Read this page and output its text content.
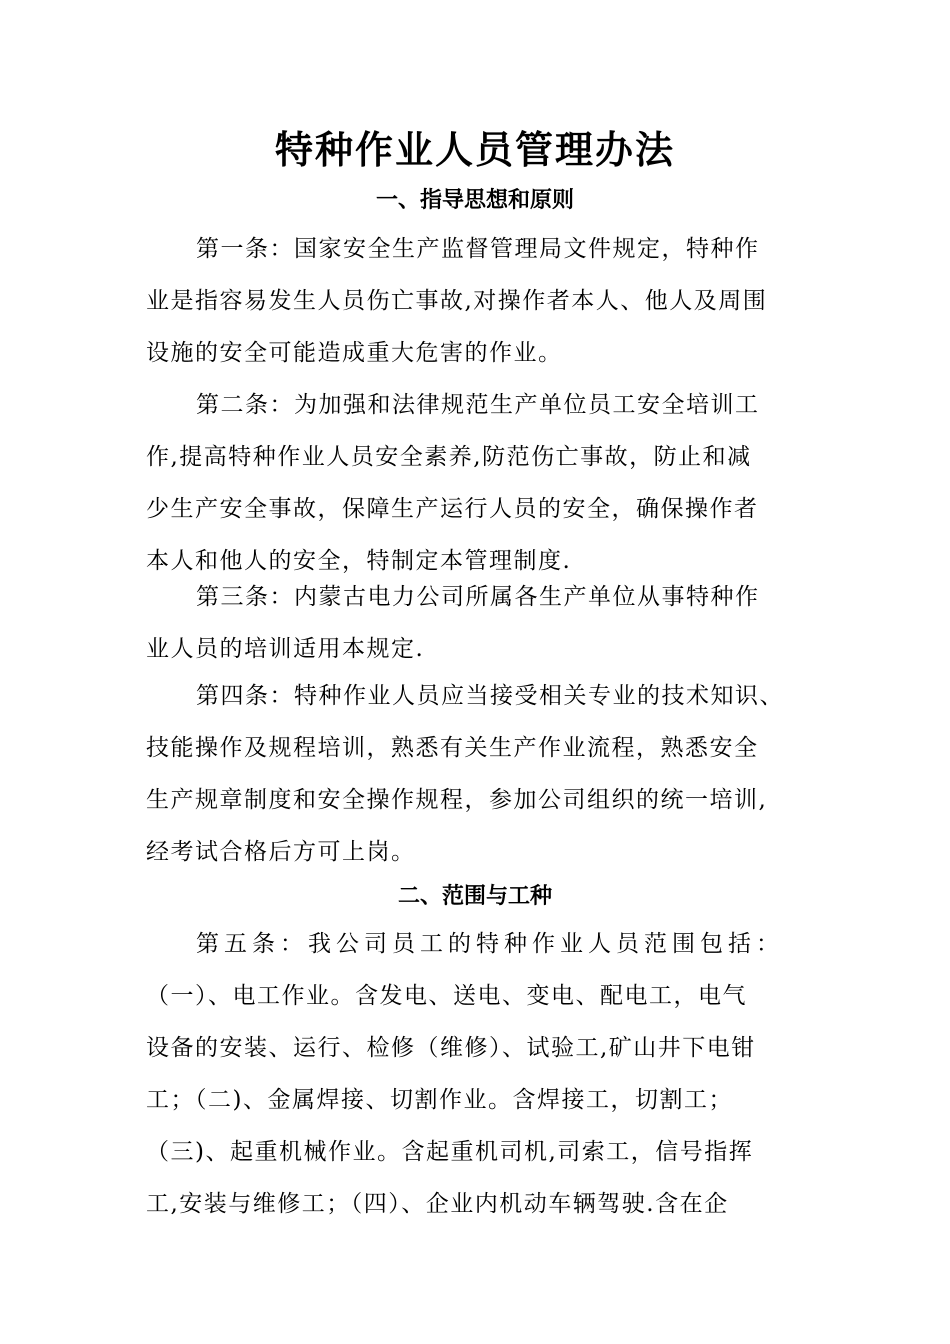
特种作业人员管理办法
一、指导思想和原则

第一条：国家安全生产监督管理局文件规定，特种作
业是指容易发生人员伤亡事故,对操作者本人、他人及周围
设施的安全可能造成重大危害的作业。

第二条：为加强和法律规范生产单位员工安全培训工
作,提高特种作业人员安全素养,防范伤亡事故，防止和减
少生产安全事故，保障生产运行人员的安全，确保操作者
本人和他人的安全，特制定本管理制度.

第三条：内蒙古电力公司所属各生产单位从事特种作
业人员的培训适用本规定.

第四条：特种作业人员应当接受相关专业的技术知识、
技能操作及规程培训，熟悉有关生产作业流程，熟悉安全
生产规章制度和安全操作规程，参加公司组织的统一培训,
经考试合格后方可上岗。

二、范围与工种

第五条：我公司员工的特种作业人员范围包括：
（一）、电工作业。含发电、送电、变电、配电工，电气
设备的安装、运行、检修（维修）、试验工,矿山井下电钳
工；（二)、金属焊接、切割作业。含焊接工，切割工；
（三)、起重机械作业。含起重机司机,司索工，信号指挥
工,安装与维修工；（四）、企业内机动车辆驾驶.含在企
